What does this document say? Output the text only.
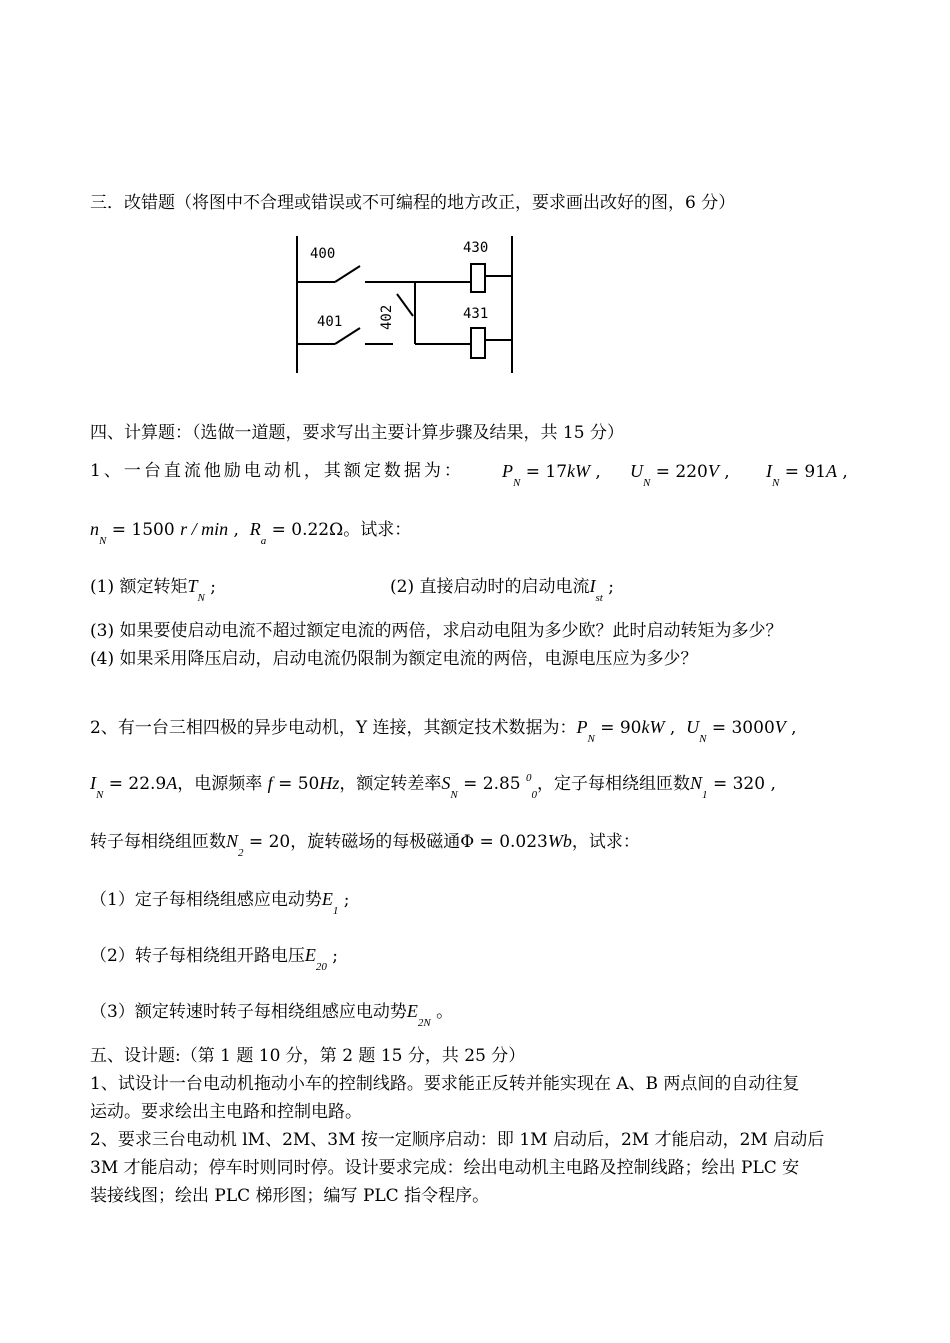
三．改错题（将图中不合理或错误或不可编程的地方改正，要求画出改好的图，6 分）
400	430
401	402	431
四、计算题：（选做一道题，要求写出主要计算步骤及结果，共 15 分）
1、一台直流他励电动机，其额定数据为： $P_N = 17kW$ , $U_N = 220V$ , $I_N = 91A$ ,
$n_N = 1500$ r / min ,  $R_a = 0.22\Omega$。试求：
(1) 额定转矩$T_N$ ;	(2) 直接启动时的启动电流$I_{st}$ ;
(3) 如果要使启动电流不超过额定电流的两倍，求启动电阻为多少欧？此时启动转矩为多少？
(4) 如果采用降压启动，启动电流仍限制为额定电流的两倍，电源电压应为多少？
2、有一台三相四极的异步电动机，Y 连接，其额定技术数据为：$P_N = 90kW$ ,  $U_N = 3000V$ ,
$I_N = 22.9A$，电源频率 f = 50Hz，额定转差率$S_N = 2.85$ $^0_0$，定子每相绕组匝数$N_1 = 320$ ,
转子每相绕组匝数$N_2 = 20$，旋转磁场的每极磁通Φ = 0.023Wb，试求：
（1）定子每相绕组感应电动势$E_1$ ;
（2）转子每相绕组开路电压$E_{20}$ ;
（3）额定转速时转子每相绕组感应电动势$E_{2N}$ 。
五、设计题:（第 1 题 10 分，第 2 题 15 分，共 25 分）
1、试设计一台电动机拖动小车的控制线路。要求能正反转并能实现在 A、B 两点间的自动往复
运动。要求绘出主电路和控制电路。
2、要求三台电动机 lM、2M、3M 按一定顺序启动：即 1M 启动后，2M 才能启动，2M 启动后
3M 才能启动；停车时则同时停。设计要求完成：绘出电动机主电路及控制线路；绘出 PLC 安
装接线图；绘出 PLC 梯形图；编写 PLC 指令程序。
